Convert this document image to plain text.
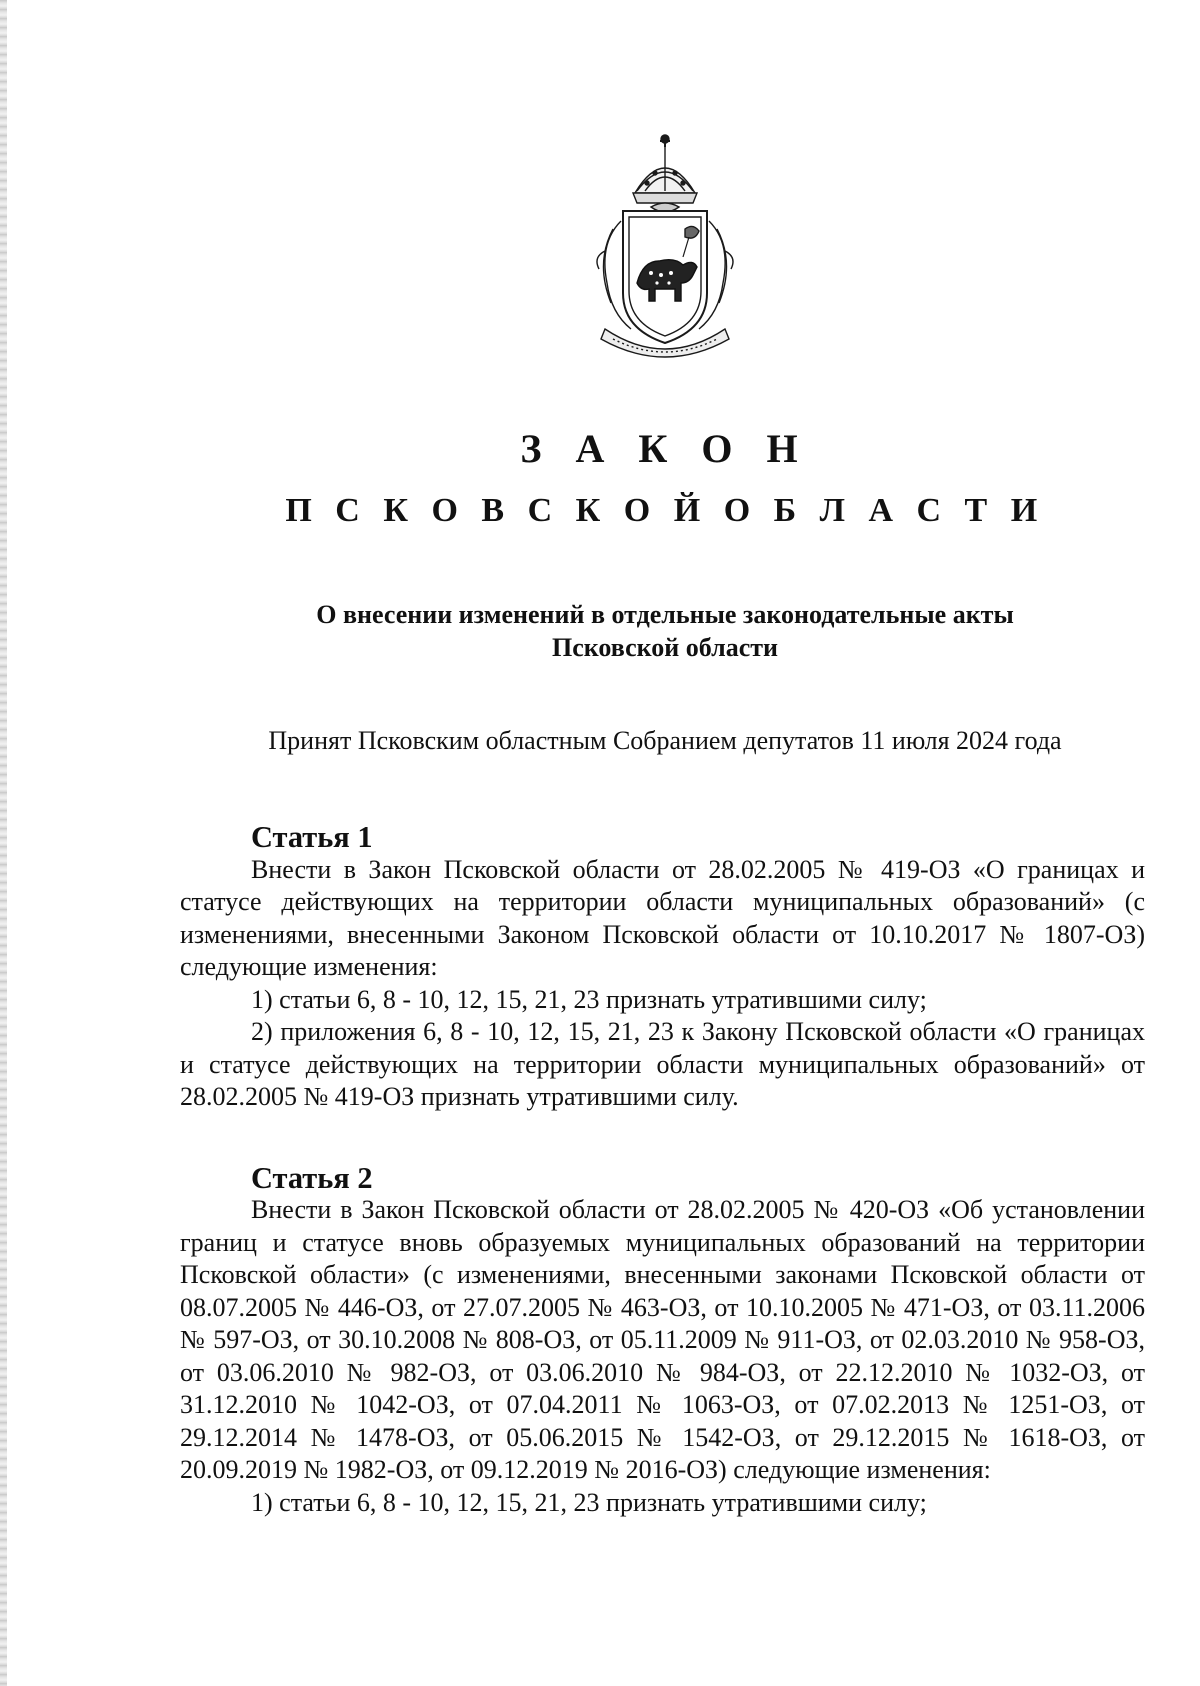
З А К О Н
П С К О В С К О Й О Б Л А С Т И
О внесении изменений в отдельные законодательные акты
Псковской области

Принят Псковским областным Собранием депутатов 11 июля 2024 года

Статья 1

Внести в Закон Псковской области от 28.02.2005 № 419-ОЗ «О границах и статусе действующих на территории области муниципальных образований» (с изменениями, внесенными Законом Псковской области от 10.10.2017 № 1807-ОЗ) следующие изменения:

1) статьи 6, 8 - 10, 12, 15, 21, 23 признать утратившими силу;

2) приложения 6, 8 - 10, 12, 15, 21, 23 к Закону Псковской области «О границах и статусе действующих на территории области муниципальных образований» от 28.02.2005 № 419-ОЗ признать утратившими силу.

Статья 2

Внести в Закон Псковской области от 28.02.2005 № 420-ОЗ «Об установлении границ и статусе вновь образуемых муниципальных образований на территории Псковской области» (с изменениями, внесенными законами Псковской области от 08.07.2005 № 446-ОЗ, от 27.07.2005 № 463-ОЗ, от 10.10.2005 № 471-ОЗ, от 03.11.2006 № 597-ОЗ, от 30.10.2008 № 808-ОЗ, от 05.11.2009 № 911-ОЗ, от 02.03.2010 № 958-ОЗ, от 03.06.2010 № 982-ОЗ, от 03.06.2010 № 984-ОЗ, от 22.12.2010 № 1032-ОЗ, от 31.12.2010 № 1042-ОЗ, от 07.04.2011 № 1063-ОЗ, от 07.02.2013 № 1251-ОЗ, от 29.12.2014 № 1478-ОЗ, от 05.06.2015 № 1542-ОЗ, от 29.12.2015 № 1618-ОЗ, от 20.09.2019 № 1982-ОЗ, от 09.12.2019 № 2016-ОЗ) следующие изменения:

1) статьи 6, 8 - 10, 12, 15, 21, 23 признать утратившими силу;
